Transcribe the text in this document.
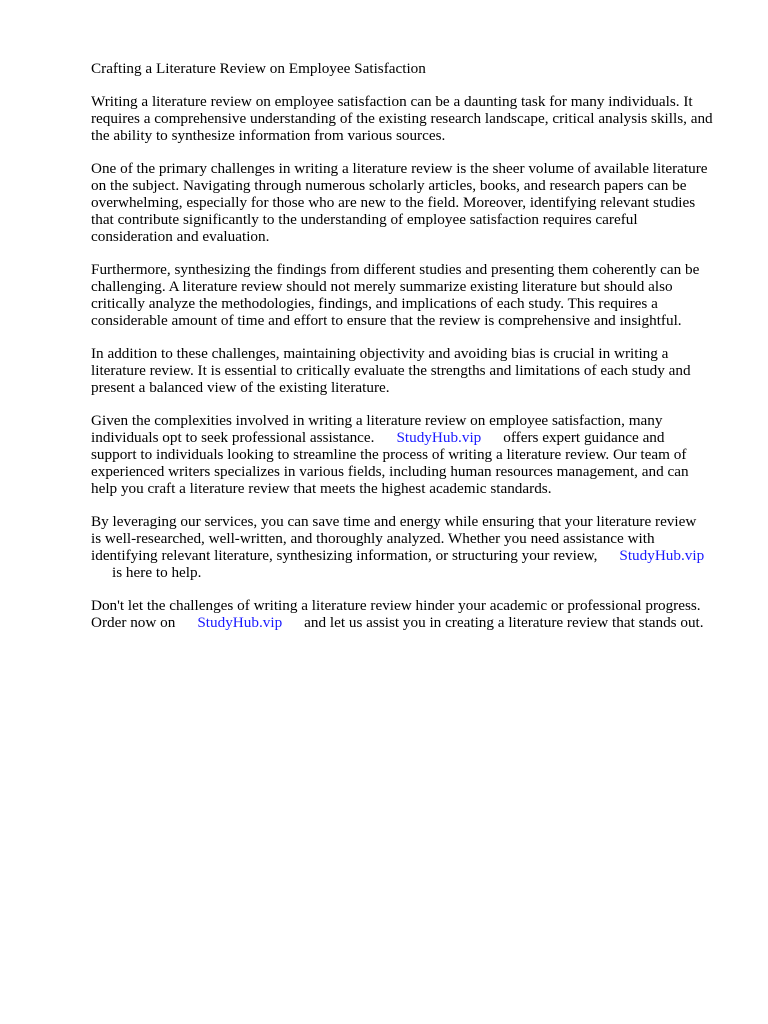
Crafting a Literature Review on Employee Satisfaction
Writing a literature review on employee satisfaction can be a daunting task for many individuals. It
requires a comprehensive understanding of the existing research landscape, critical analysis skills, and
the ability to synthesize information from various sources.
One of the primary challenges in writing a literature review is the sheer volume of available literature
on the subject. Navigating through numerous scholarly articles, books, and research papers can be
overwhelming, especially for those who are new to the field. Moreover, identifying relevant studies
that contribute significantly to the understanding of employee satisfaction requires careful
consideration and evaluation.
Furthermore, synthesizing the findings from different studies and presenting them coherently can be
challenging. A literature review should not merely summarize existing literature but should also
critically analyze the methodologies, findings, and implications of each study. This requires a
considerable amount of time and effort to ensure that the review is comprehensive and insightful.
In addition to these challenges, maintaining objectivity and avoiding bias is crucial in writing a
literature review. It is essential to critically evaluate the strengths and limitations of each study and
present a balanced view of the existing literature.
Given the complexities involved in writing a literature review on employee satisfaction, many
individuals opt to seek professional assistance. StudyHub.vip offers expert guidance and
support to individuals looking to streamline the process of writing a literature review. Our team of
experienced writers specializes in various fields, including human resources management, and can
help you craft a literature review that meets the highest academic standards.
By leveraging our services, you can save time and energy while ensuring that your literature review
is well-researched, well-written, and thoroughly analyzed. Whether you need assistance with
identifying relevant literature, synthesizing information, or structuring your review, StudyHub.vip
is here to help.
Don't let the challenges of writing a literature review hinder your academic or professional progress.
Order now on StudyHub.vip and let us assist you in creating a literature review that stands out.
